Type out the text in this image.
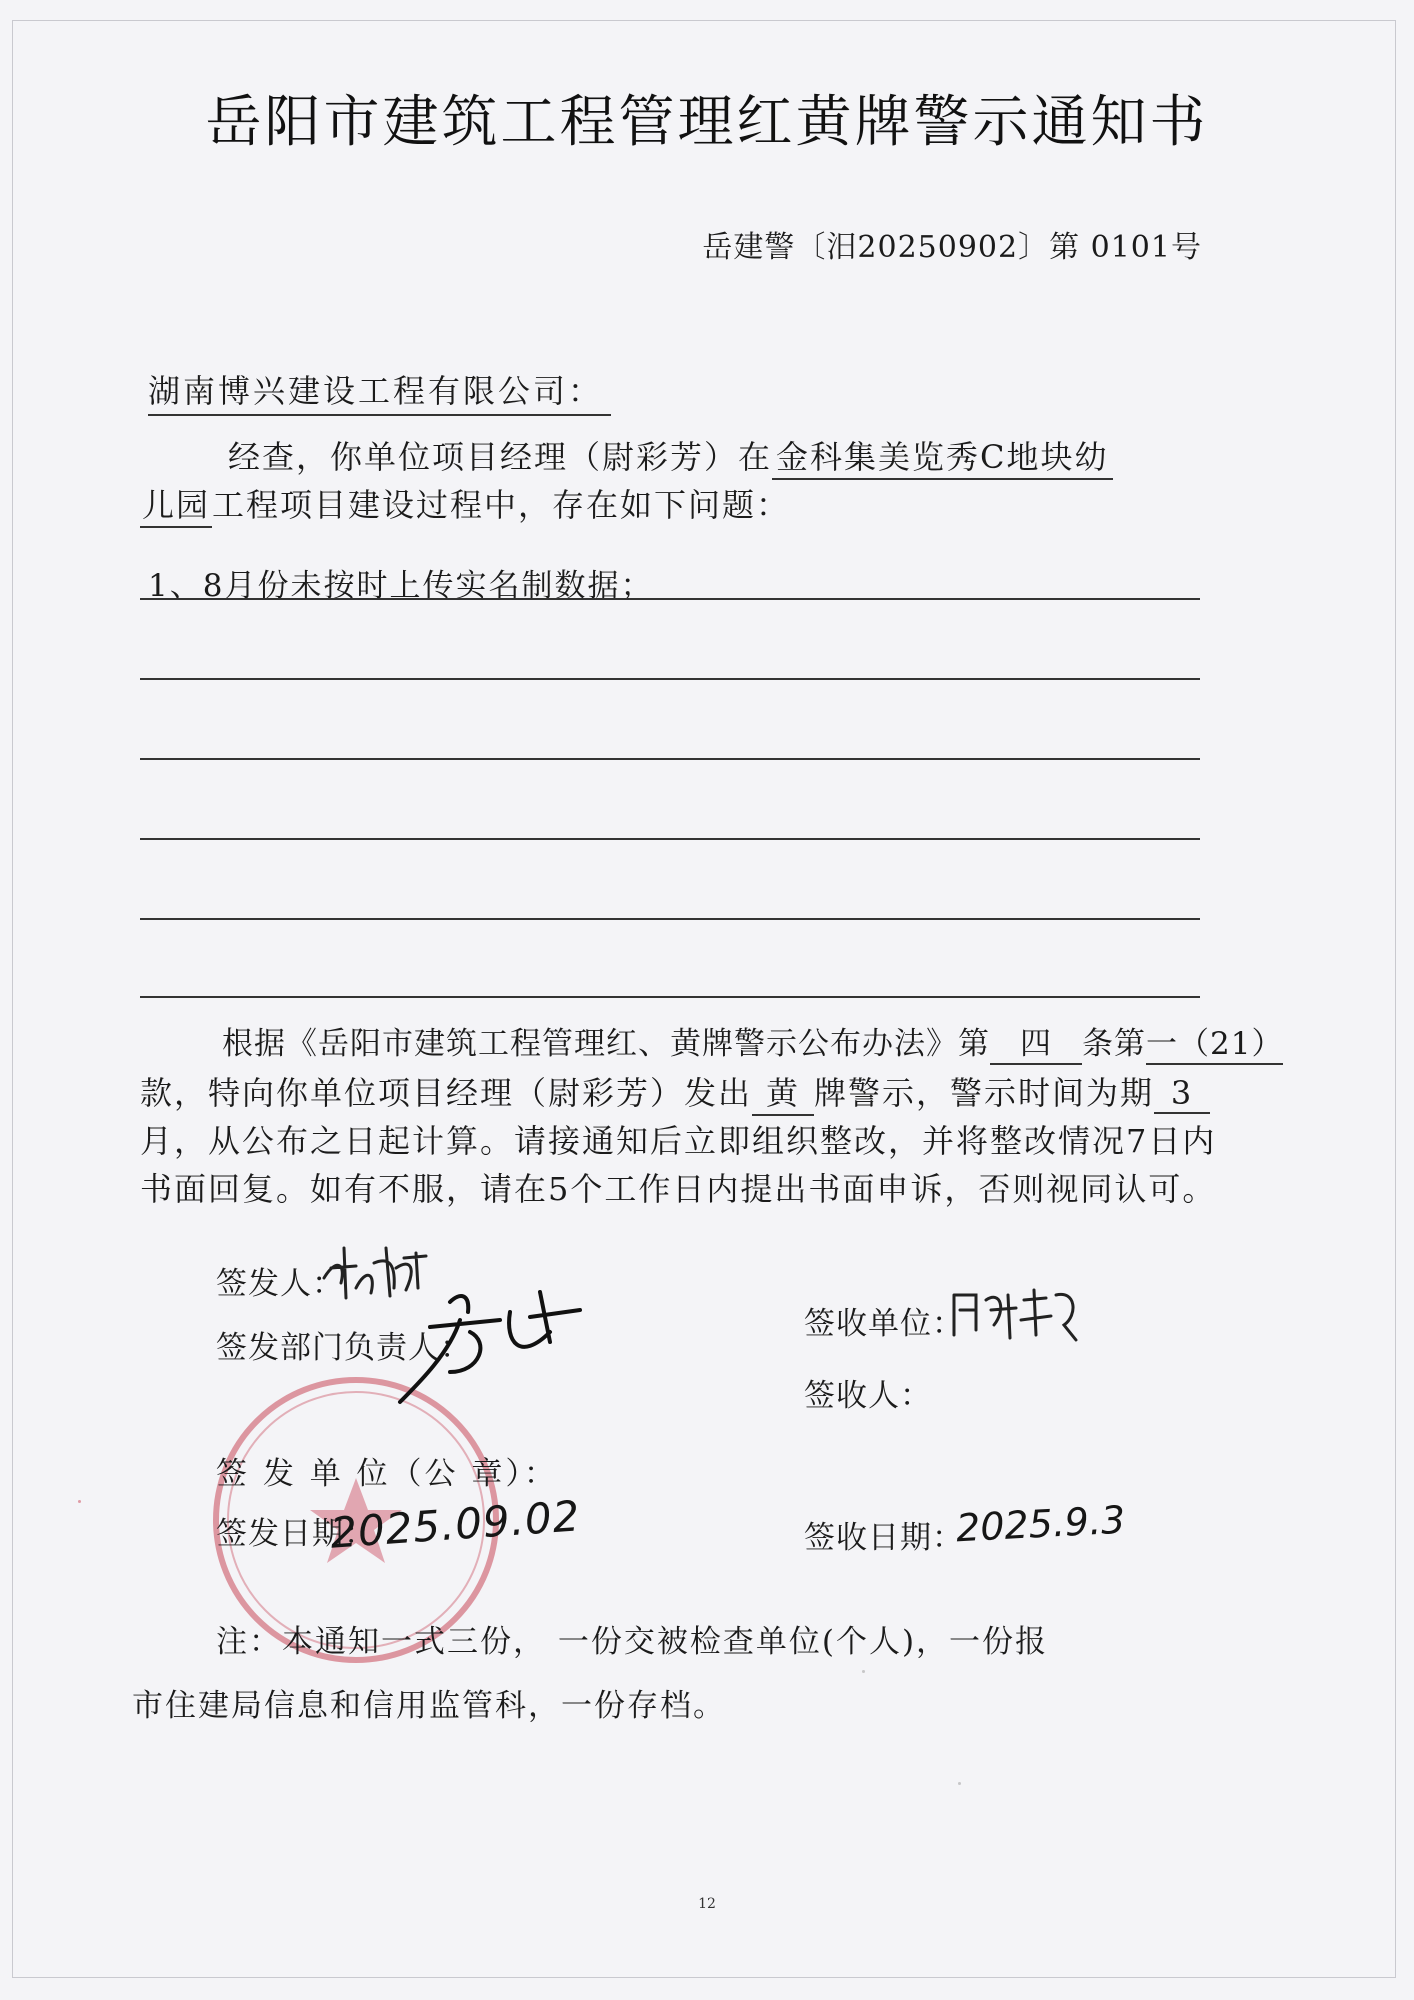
岳阳市建筑工程管理红黄牌警示通知书
岳建警〔汨20250902〕第 0101号
湖南博兴建设工程有限公司：
经查，你单位项目经理（尉彩芳）在 金科集美览秀C地块幼
儿园工程项目建设过程中，存在如下问题：
1、8月份未按时上传实名制数据；
根据《岳阳市建筑工程管理红、黄牌警示公布办法》第 四 条第一（21）
款，特向你单位项目经理（尉彩芳）发出 黄 牌警示，警示时间为期 3
月，从公布之日起计算。请接通知后立即组织整改，并将整改情况7日内
书面回复。如有不服，请在5个工作日内提出书面申诉，否则视同认可。
签发人：
签发部门负责人：
签 发 单 位（公 章）：
签发日期：
2025.09.02
签收单位：
签收人：
签收日期：
2025.9.3
注：本通知一式三份， 一份交被检查单位(个人)，一份报
市住建局信息和信用监管科，一份存档。
12
